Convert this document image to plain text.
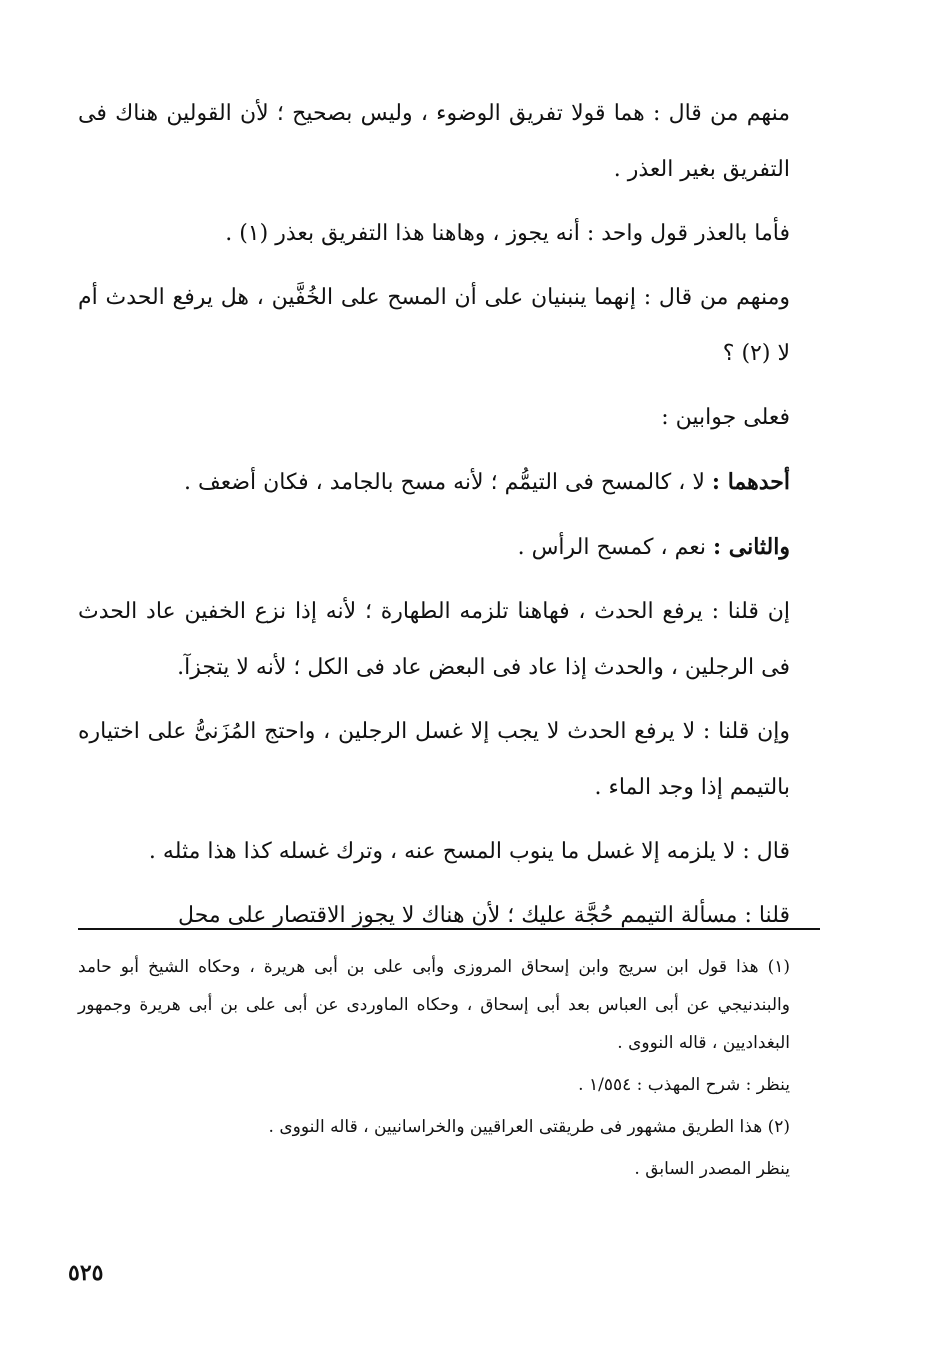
منهم من قال : هما قولا تفريق الوضوء ، وليس بصحيح ؛ لأن القولين هناك فى التفريق بغير العذر .

فأما بالعذر قول واحد : أنه يجوز ، وهاهنا هذا التفريق بعذر (١) .

ومنهم من قال : إنهما ينبنيان على أن المسح على الخُفَّين ، هل يرفع الحدث أم لا (٢) ؟

فعلى جوابين :

أحدهما : لا ، كالمسح فى التيمُّم ؛ لأنه مسح بالجامد ، فكان أضعف .

والثانى : نعم ، كمسح الرأس .

إن قلنا : يرفع الحدث ، فهاهنا تلزمه الطهارة ؛ لأنه إذا نزع الخفين عاد الحدث فى الرجلين ، والحدث إذا عاد فى البعض عاد فى الكل ؛ لأنه لا يتجزآ.

وإن قلنا : لا يرفع الحدث لا يجب إلا غسل الرجلين ، واحتج المُزَنىُّ على اختياره بالتيمم إذا وجد الماء .

قال : لا يلزمه إلا غسل ما ينوب المسح عنه ، وترك غسله كذا هذا مثله .

قلنا : مسألة التيمم حُجَّة عليك ؛ لأن هناك لا يجوز الاقتصار على محل

(١) هذا قول ابن سريج وابن إسحاق المروزى وأبى على بن أبى هريرة ، وحكاه الشيخ أبو حامد والبندنيجي عن أبى العباس بعد أبى إسحاق ، وحكاه الماوردى عن أبى على بن أبى هريرة وجمهور البغداديين ، قاله النووى .

ينظر : شرح المهذب : ١/٥٥٤ .

(٢) هذا الطريق مشهور فى طريقتى العراقيين والخراسانيين ، قاله النووى .

ينظر المصدر السابق .

٥٢٥
